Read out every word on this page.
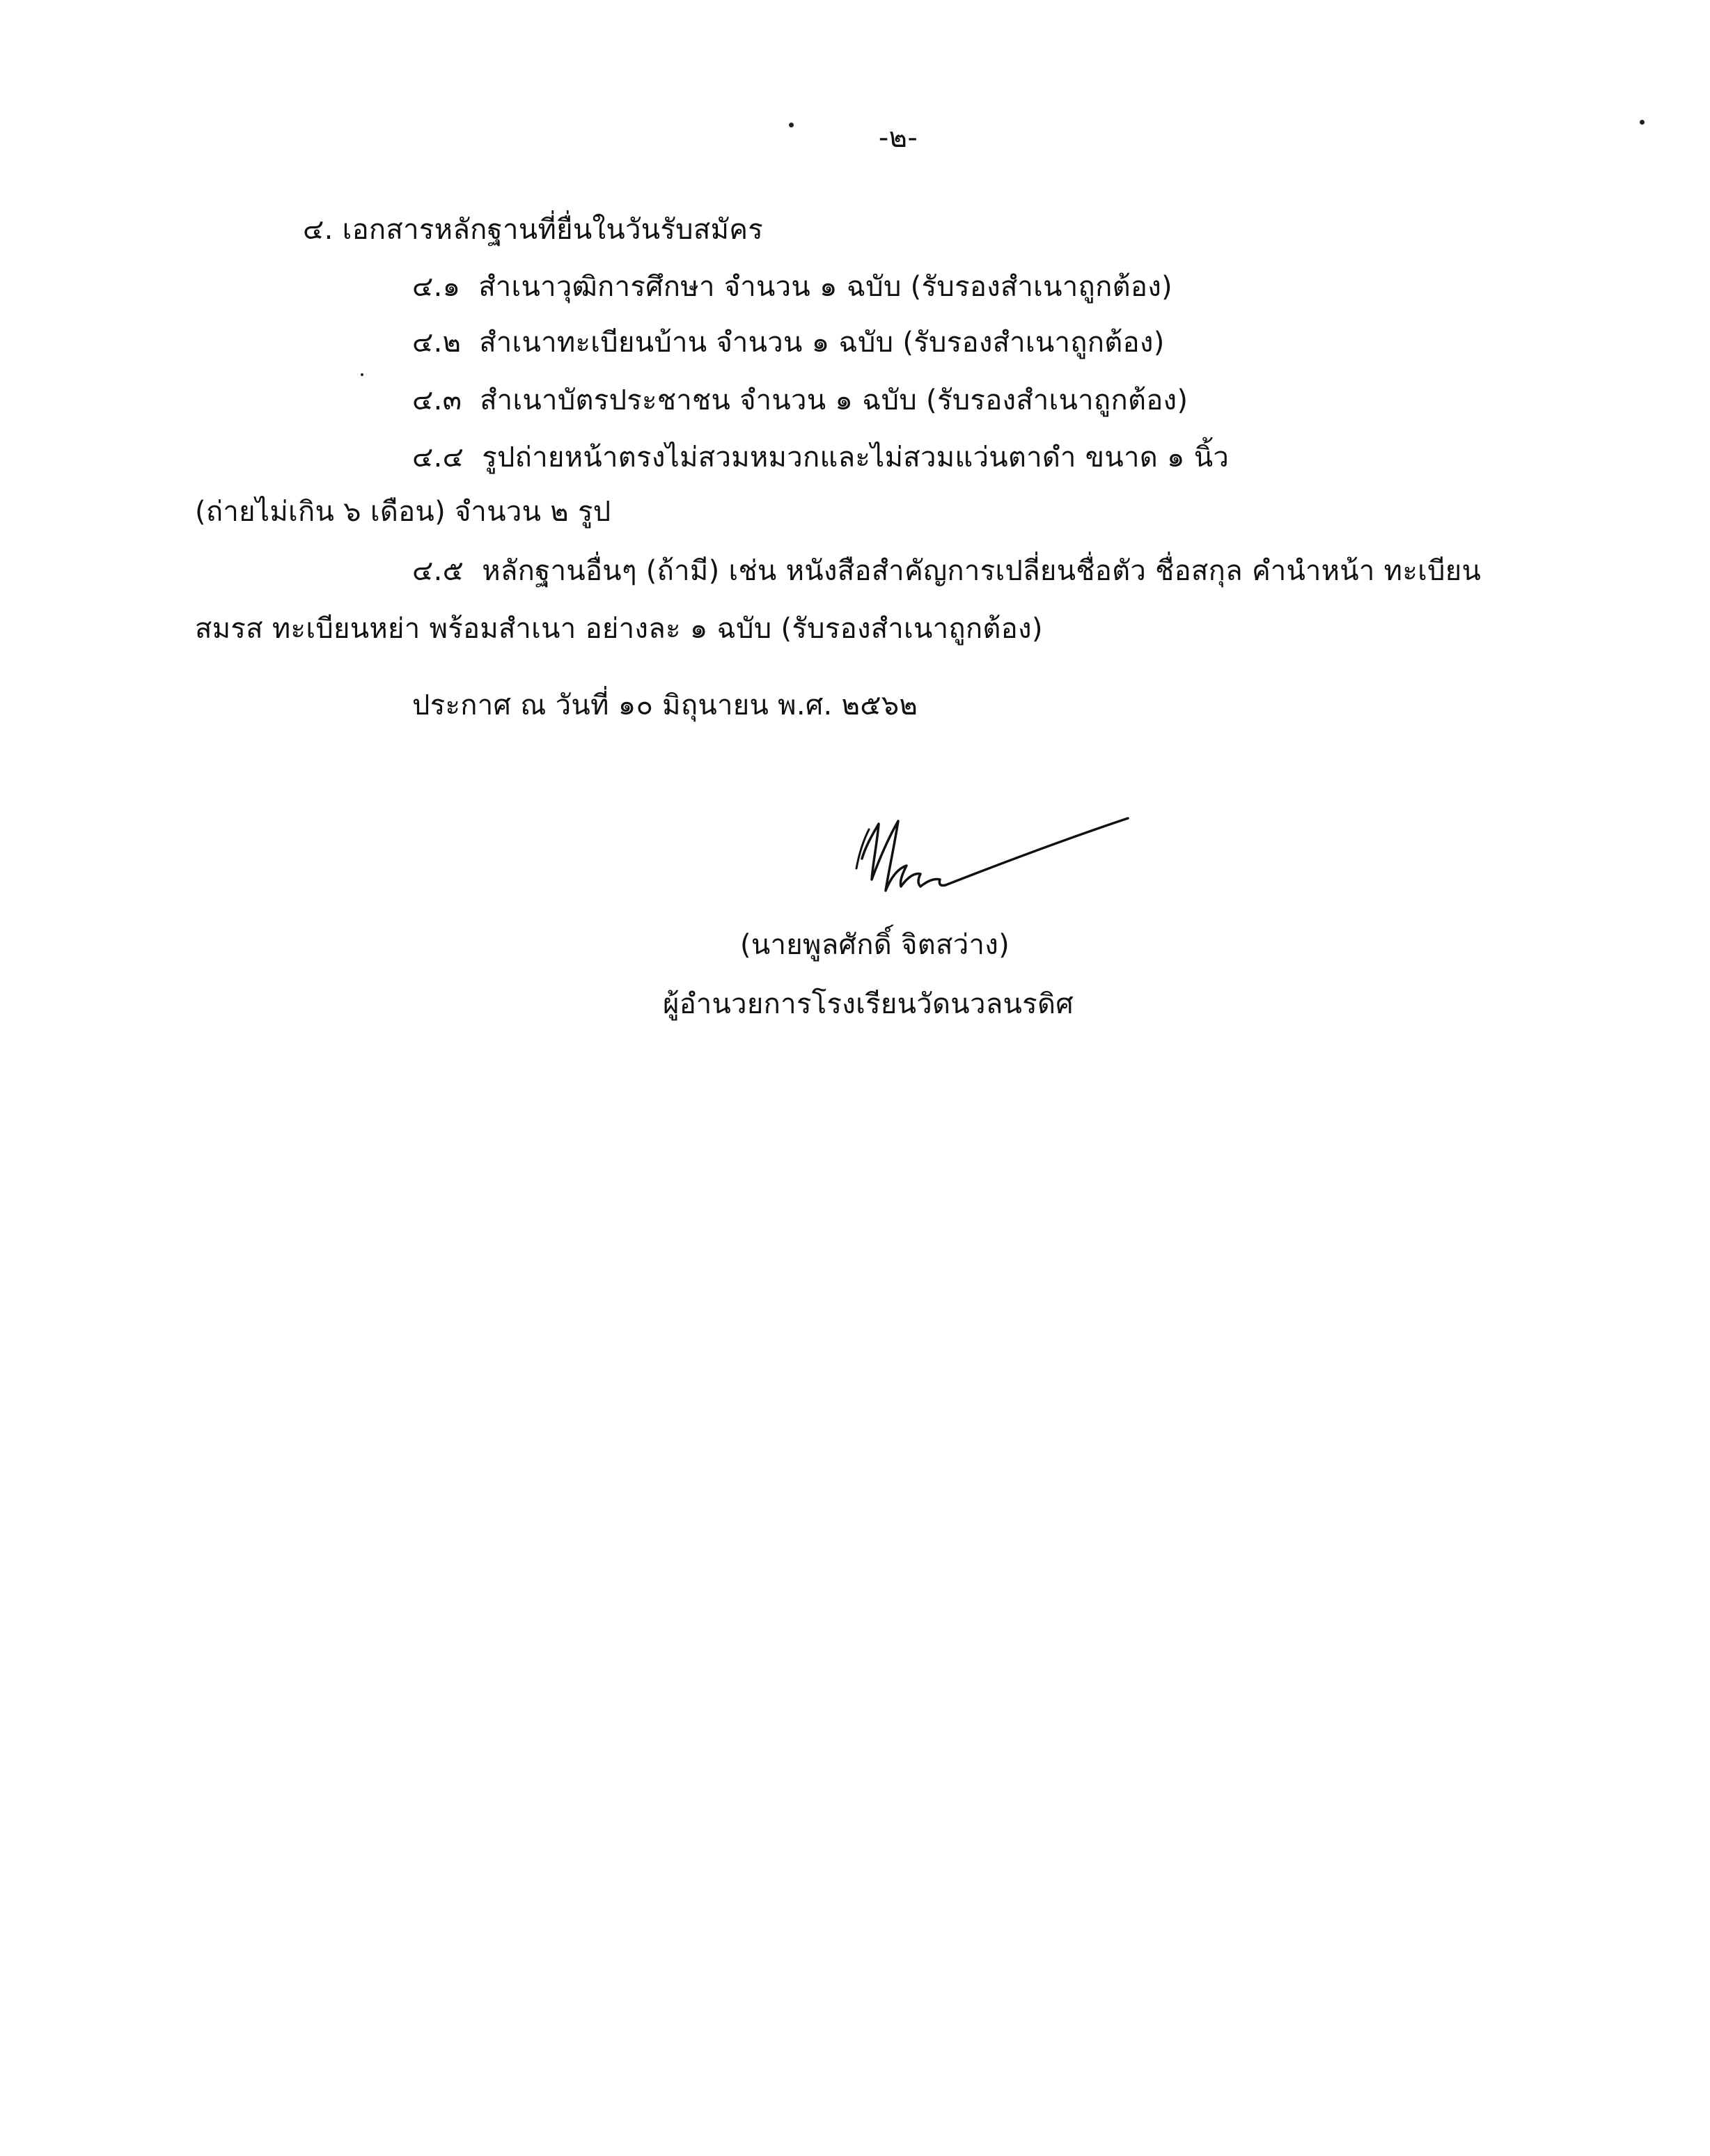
-๒-
๔. เอกสารหลักฐานที่ยื่นในวันรับสมัคร
๔.๑ สำเนาวุฒิการศึกษา จำนวน ๑ ฉบับ (รับรองสำเนาถูกต้อง)
๔.๒ สำเนาทะเบียนบ้าน จำนวน ๑ ฉบับ (รับรองสำเนาถูกต้อง)
๔.๓ สำเนาบัตรประชาชน จำนวน ๑ ฉบับ (รับรองสำเนาถูกต้อง)
๔.๔ รูปถ่ายหน้าตรงไม่สวมหมวกและไม่สวมแว่นตาดำ ขนาด ๑ นิ้ว
(ถ่ายไม่เกิน ๖ เดือน) จำนวน ๒ รูป
๔.๕ หลักฐานอื่นๆ (ถ้ามี) เช่น หนังสือสำคัญการเปลี่ยนชื่อตัว ชื่อสกุล คำนำหน้า ทะเบียน
สมรส ทะเบียนหย่า พร้อมสำเนา อย่างละ ๑ ฉบับ (รับรองสำเนาถูกต้อง)
ประกาศ ณ วันที่ ๑๐ มิถุนายน พ.ศ. ๒๕๖๒
(นายพูลศักดิ์ จิตสว่าง)
ผู้อำนวยการโรงเรียนวัดนวลนรดิศ
